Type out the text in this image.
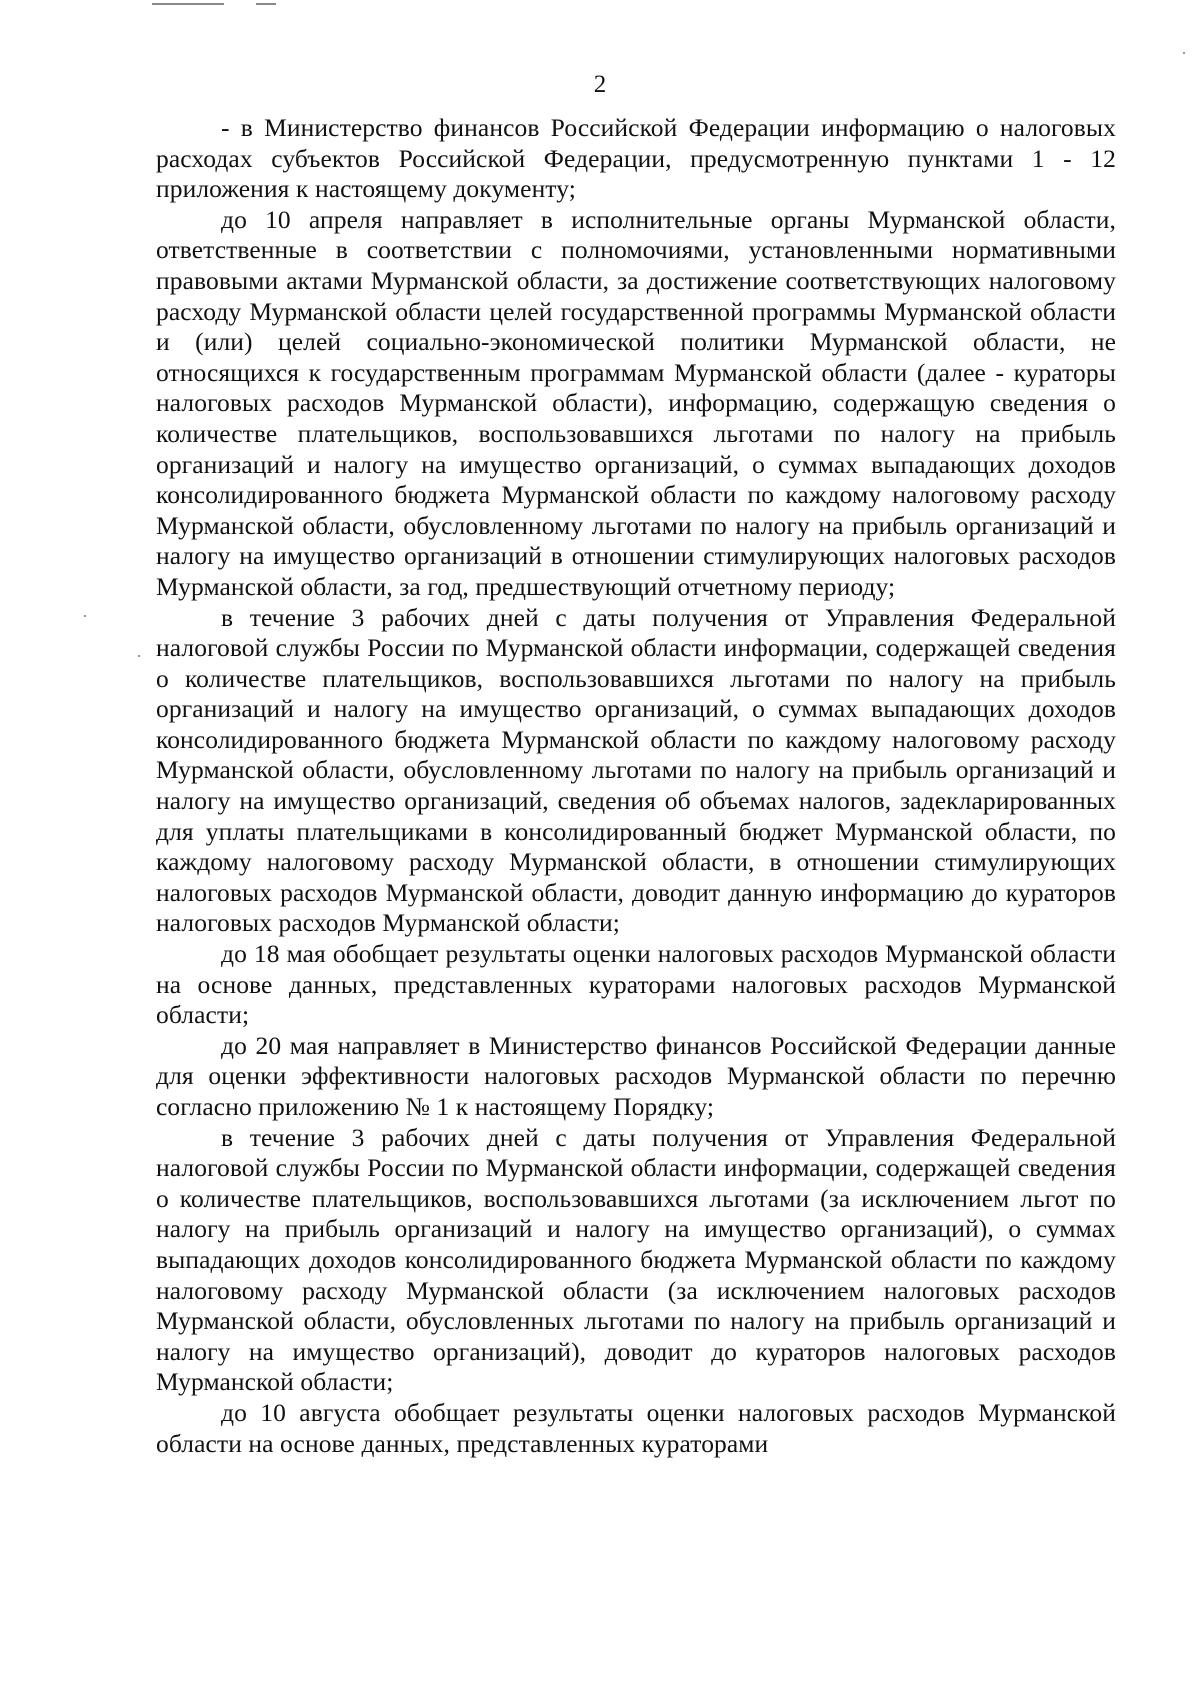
2

- в Министерство финансов Российской Федерации информацию о налоговых расходах субъектов Российской Федерации, предусмотренную пунктами 1 - 12 приложения к настоящему документу;

до 10 апреля направляет в исполнительные органы Мурманской области, ответственные в соответствии с полномочиями, установленными нормативными правовыми актами Мурманской области, за достижение соответствующих налоговому расходу Мурманской области целей государственной программы Мурманской области и (или) целей социально-экономической политики Мурманской области, не относящихся к государственным программам Мурманской области (далее - кураторы налоговых расходов Мурманской области), информацию, содержащую сведения о количестве плательщиков, воспользовавшихся льготами по налогу на прибыль организаций и налогу на имущество организаций, о суммах выпадающих доходов консолидированного бюджета Мурманской области по каждому налоговому расходу Мурманской области, обусловленному льготами по налогу на прибыль организаций и налогу на имущество организаций в отношении стимулирующих налоговых расходов Мурманской области, за год, предшествующий отчетному периоду;

в течение 3 рабочих дней с даты получения от Управления Федеральной налоговой службы России по Мурманской области информации, содержащей сведения о количестве плательщиков, воспользовавшихся льготами по налогу на прибыль организаций и налогу на имущество организаций, о суммах выпадающих доходов консолидированного бюджета Мурманской области по каждому налоговому расходу Мурманской области, обусловленному льготами по налогу на прибыль организаций и налогу на имущество организаций, сведения об объемах налогов, задекларированных для уплаты плательщиками в консолидированный бюджет Мурманской области, по каждому налоговому расходу Мурманской области, в отношении стимулирующих налоговых расходов Мурманской области, доводит данную информацию до кураторов налоговых расходов Мурманской области;

до 18 мая обобщает результаты оценки налоговых расходов Мурманской области на основе данных, представленных кураторами налоговых расходов Мурманской области;

до 20 мая направляет в Министерство финансов Российской Федерации данные для оценки эффективности налоговых расходов Мурманской области по перечню согласно приложению № 1 к настоящему Порядку;

в течение 3 рабочих дней с даты получения от Управления Федеральной налоговой службы России по Мурманской области информации, содержащей сведения о количестве плательщиков, воспользовавшихся льготами (за исключением льгот по налогу на прибыль организаций и налогу на имущество организаций), о суммах выпадающих доходов консолидированного бюджета Мурманской области по каждому налоговому расходу Мурманской области (за исключением налоговых расходов Мурманской области, обусловленных льготами по налогу на прибыль организаций и налогу на имущество организаций), доводит до кураторов налоговых расходов Мурманской области;

до 10 августа обобщает результаты оценки налоговых расходов Мурманской области на основе данных, представленных кураторами
